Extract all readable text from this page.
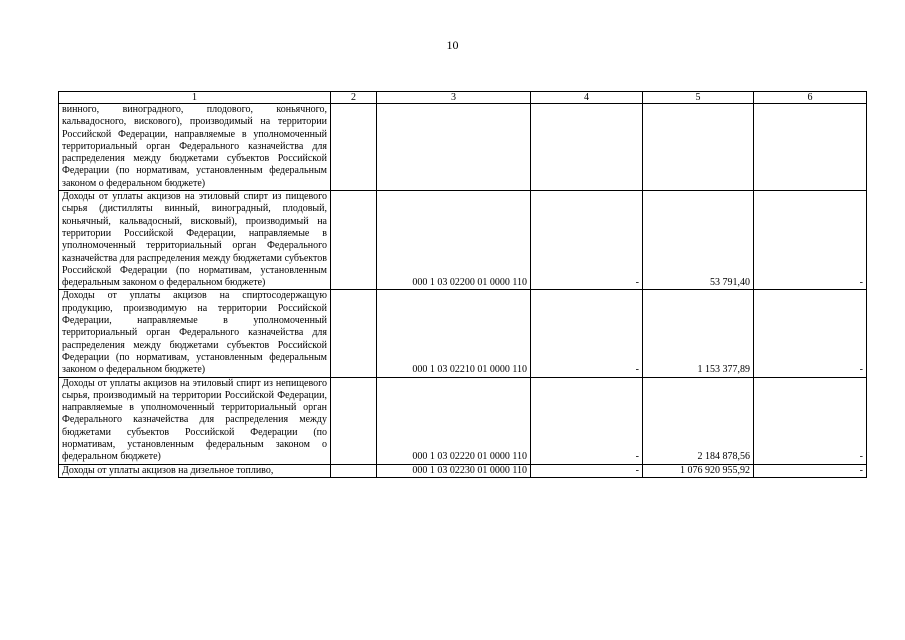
10
1	2	3	4	5	6
винного, виноградного, плодового, коньячного, кальвадосного, вискового), производимый на территории Российской Федерации, направляемые в уполномоченный территориальный орган Федерального казначейства для распределения между бюджетами субъектов Российской Федерации (по нормативам, установленным федеральным законом о федеральном бюджете)					
Доходы от уплаты акцизов на этиловый спирт из пищевого сырья (дистилляты винный, виноградный, плодовый, коньячный, кальвадосный, висковый), производимый на территории Российской Федерации, направляемые в уполномоченный территориальный орган Федерального казначейства для распределения между бюджетами субъектов Российской Федерации (по нормативам, установленным федеральным законом о федеральном бюджете)		000 1 03 02200 01 0000 110	-	53 791,40	-
Доходы от уплаты акцизов на спиртосодержащую продукцию, производимую на территории Российской Федерации, направляемые в уполномоченный территориальный орган Федерального казначейства для распределения между бюджетами субъектов Российской Федерации (по нормативам, установленным федеральным законом о федеральном бюджете)		000 1 03 02210 01 0000 110	-	1 153 377,89	-
Доходы от уплаты акцизов на этиловый спирт из непищевого сырья, производимый на территории Российской Федерации, направляемые в уполномоченный территориальный орган Федерального казначейства для распределения между бюджетами субъектов Российской Федерации (по нормативам, установленным федеральным законом о федеральном бюджете)		000 1 03 02220 01 0000 110	-	2 184 878,56	-
Доходы от уплаты акцизов на дизельное топливо,		000 1 03 02230 01 0000 110	-	1 076 920 955,92	-
